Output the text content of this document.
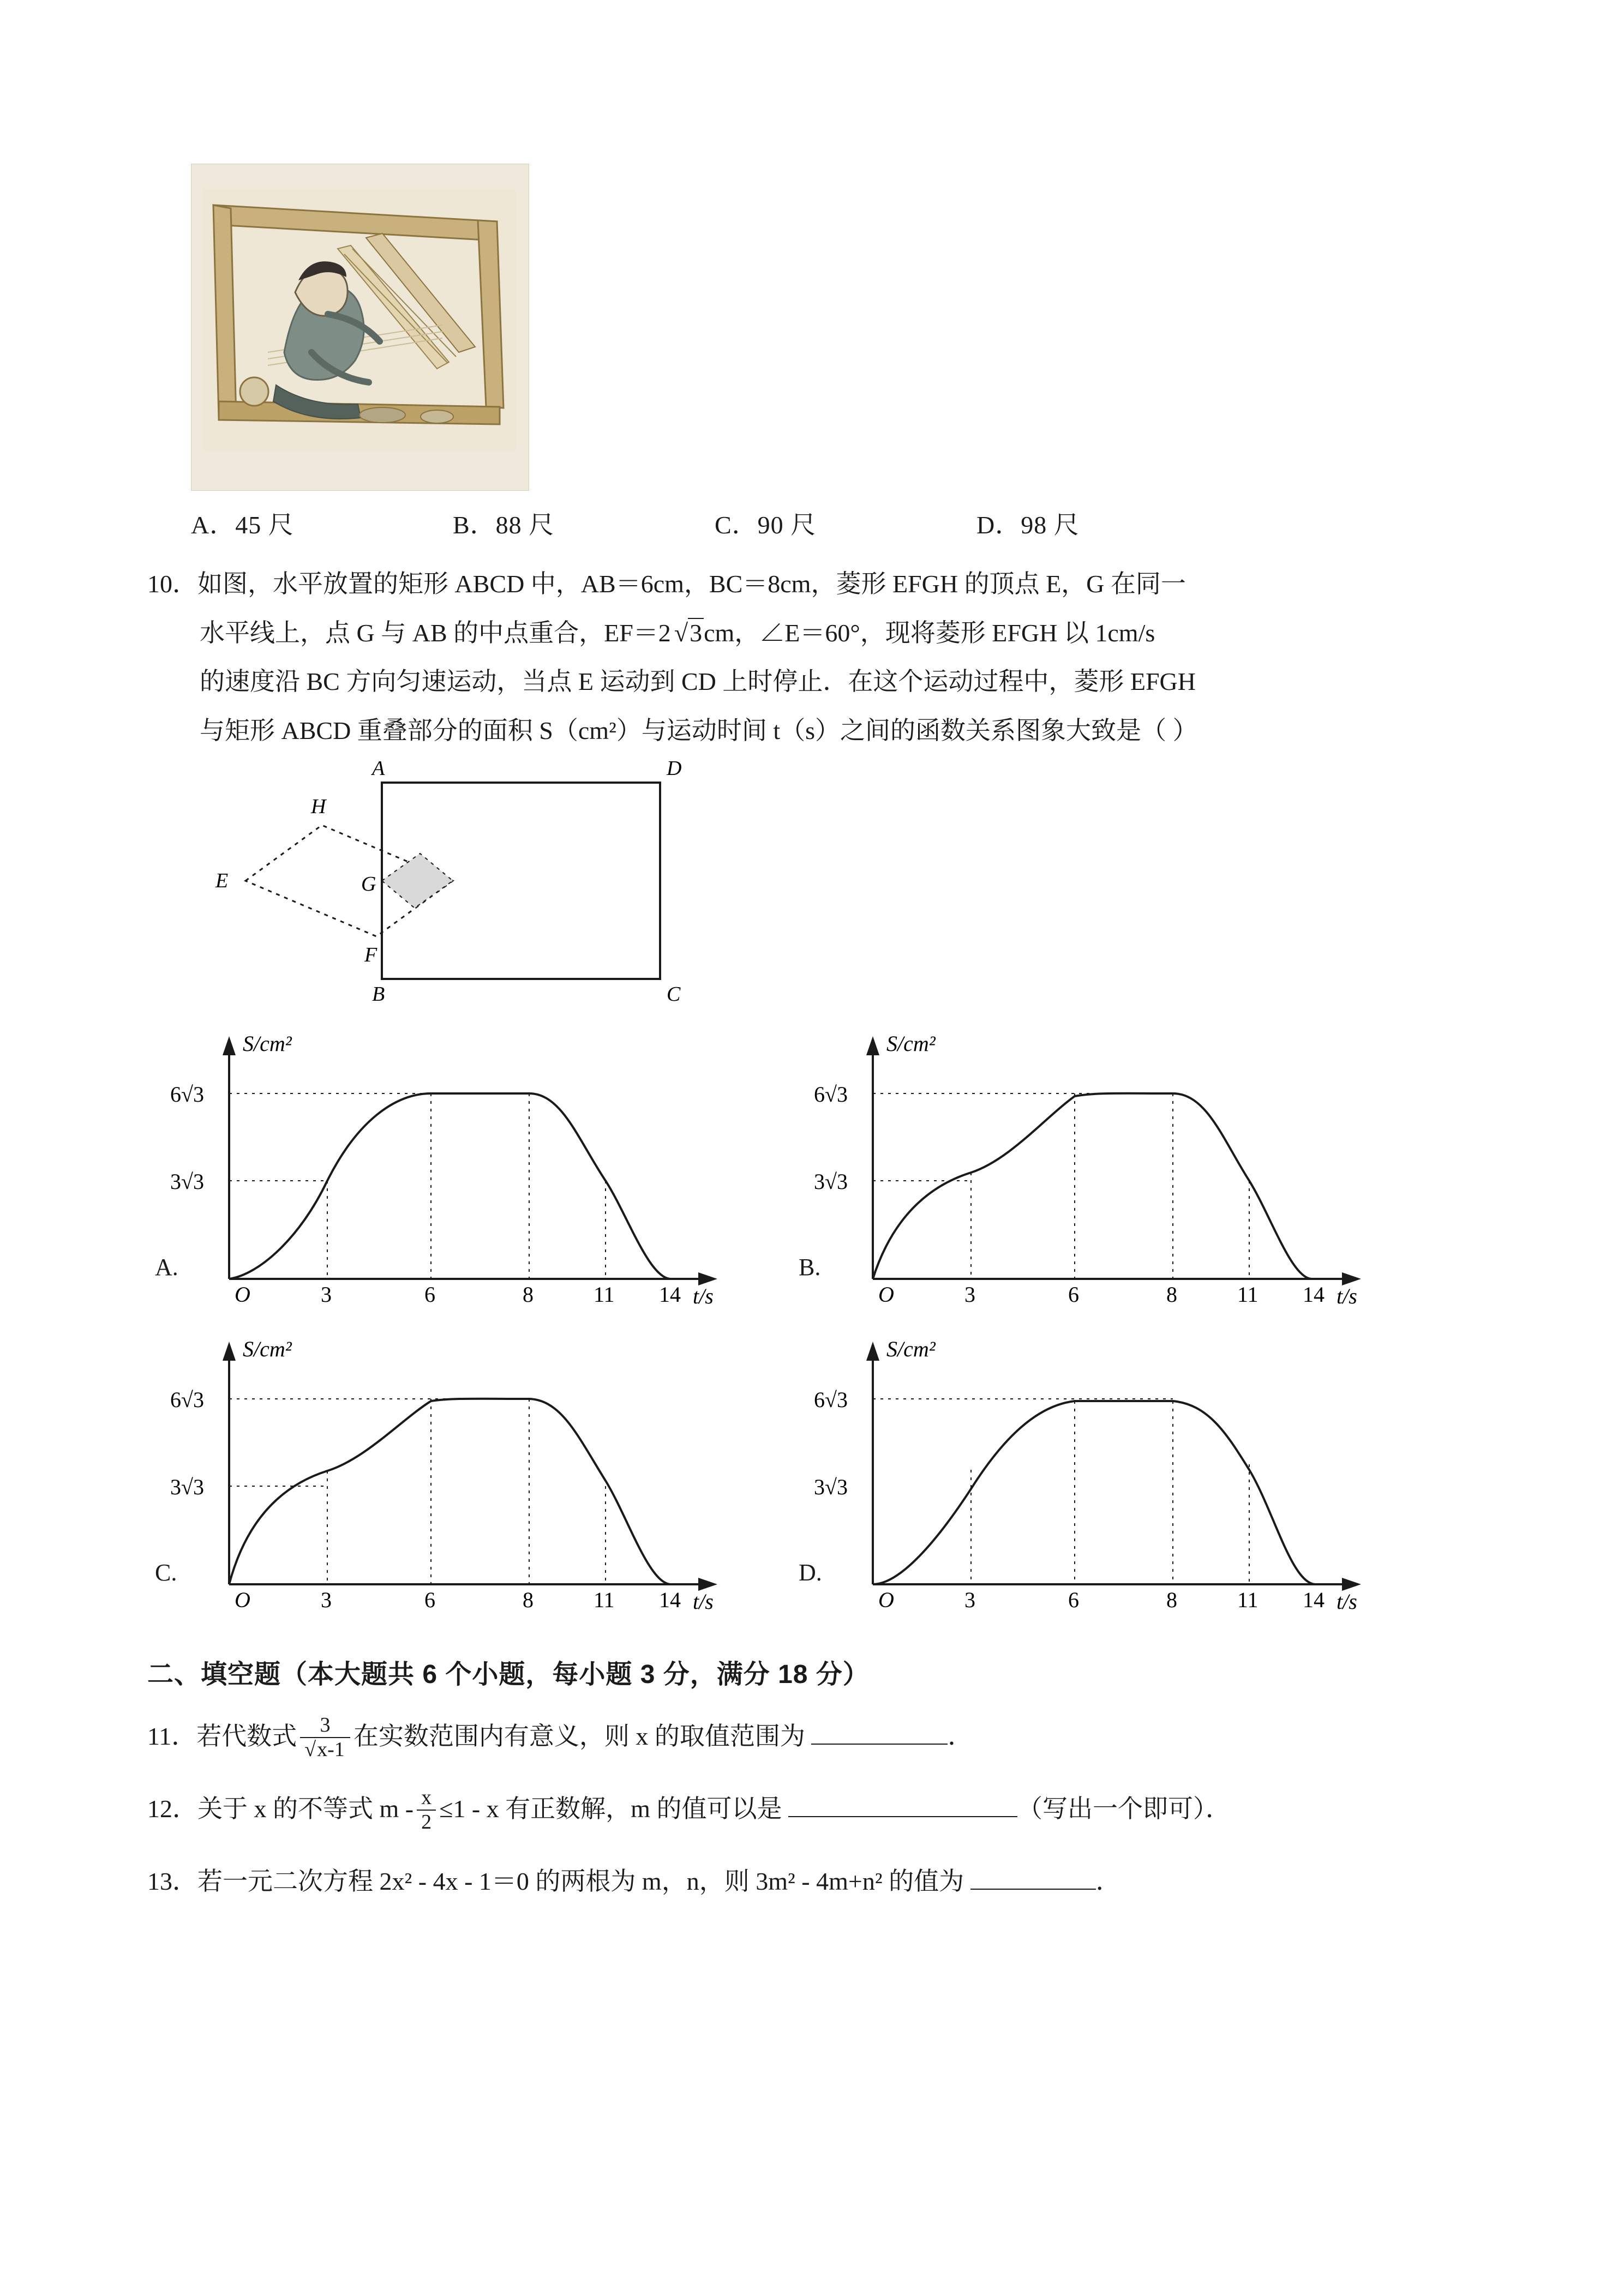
A．45 尺	B．88 尺	C．90 尺	D．98 尺
10．如图，水平放置的矩形 ABCD 中，AB＝6cm，BC＝8cm，菱形 EFGH 的顶点 E，G 在同一
水平线上，点 G 与 AB 的中点重合，EF＝2 √3cm，∠E＝60°，现将菱形 EFGH 以 1cm/s
的速度沿 BC 方向匀速运动，当点 E 运动到 CD 上时停止．在这个运动过程中，菱形 EFGH
与矩形 ABCD 重叠部分的面积 S（cm²）与运动时间 t（s）之间的函数关系图象大致是（ ）
A	D
B	C
H
E
F
G
A.
3	6	8	11 14
O	t/s
S/cm²
6√3
3√3
B.
3	6	8	11 14
O	t/s
S/cm²
6√3
3√3
C.
3	6	8	11 14
O	t/s
S/cm²
6√3
3√3
D.
3	6	8	11 14
O	t/s
S/cm²
6√3
3√3
二、填空题（本大题共 6 个小题，每小题 3 分，满分 18 分）
11．若代数式 $\frac{3}{√x-1}$ 在实数范围内有意义，则 x 的取值范围为	．
12．关于 x 的不等式 $m - \frac{x}{2} \le 1 - x$ 有正数解，m 的值可以是	（写出一个即可）．
13．若一元二次方程 2x² - 4x - 1＝0 的两根为 m，n，则 3m² - 4m+n² 的值为	．
